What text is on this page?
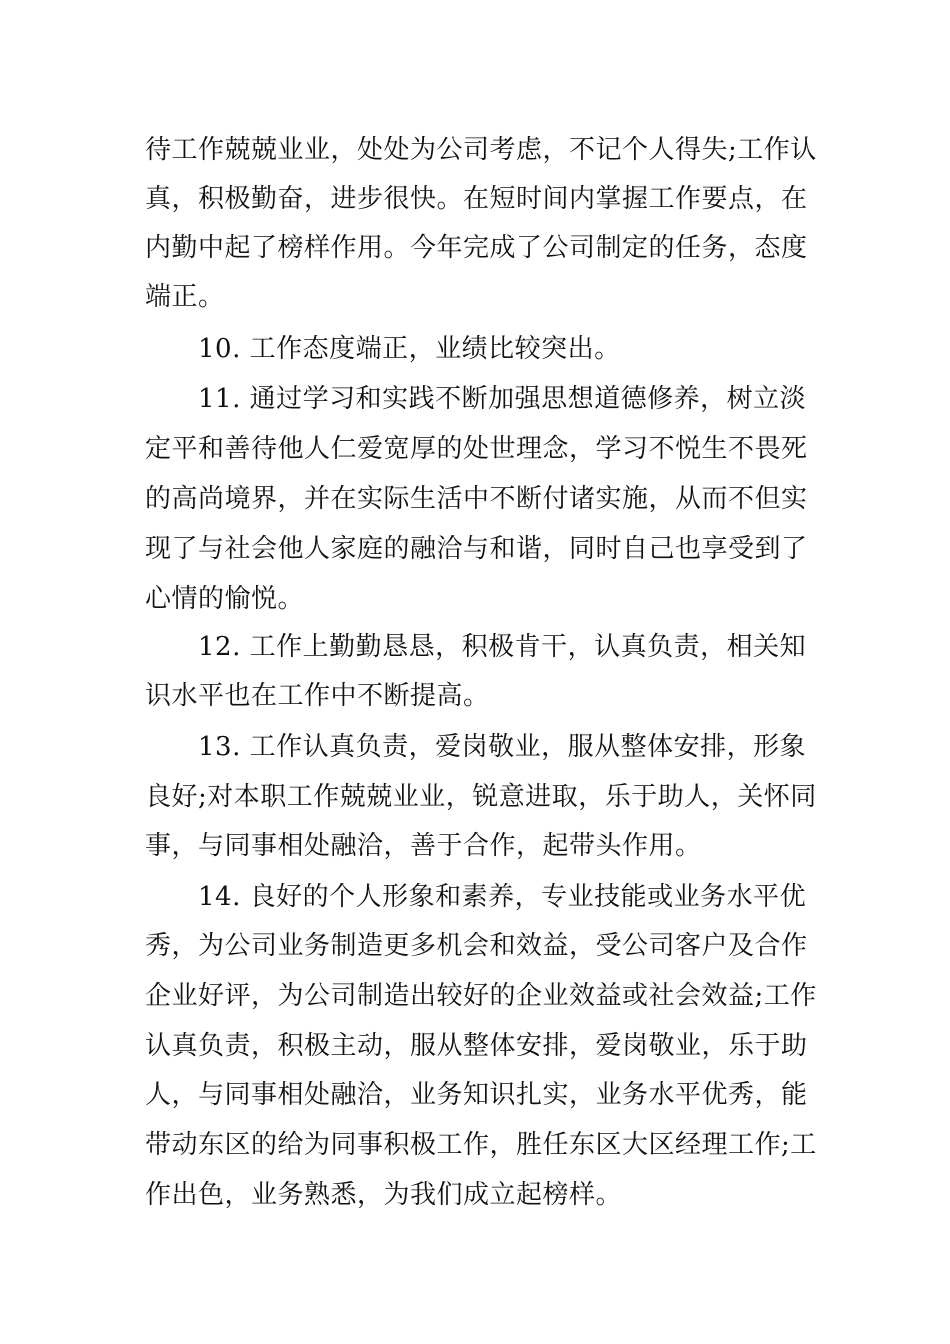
待工作兢兢业业，处处为公司考虑，不记个人得失;工作认
真，积极勤奋，进步很快。在短时间内掌握工作要点，在
内勤中起了榜样作用。今年完成了公司制定的任务，态度
端正。
10. 工作态度端正，业绩比较突出。
11. 通过学习和实践不断加强思想道德修养，树立淡
定平和善待他人仁爱宽厚的处世理念，学习不悦生不畏死
的高尚境界，并在实际生活中不断付诸实施，从而不但实
现了与社会他人家庭的融洽与和谐，同时自己也享受到了
心情的愉悦。
12. 工作上勤勤恳恳，积极肯干，认真负责，相关知
识水平也在工作中不断提高。
13. 工作认真负责，爱岗敬业，服从整体安排，形象
良好;对本职工作兢兢业业，锐意进取，乐于助人，关怀同
事，与同事相处融洽，善于合作，起带头作用。
14. 良好的个人形象和素养，专业技能或业务水平优
秀，为公司业务制造更多机会和效益，受公司客户及合作
企业好评，为公司制造出较好的企业效益或社会效益;工作
认真负责，积极主动，服从整体安排，爱岗敬业，乐于助
人，与同事相处融洽，业务知识扎实，业务水平优秀，能
带动东区的给为同事积极工作，胜任东区大区经理工作;工
作出色，业务熟悉，为我们成立起榜样。
